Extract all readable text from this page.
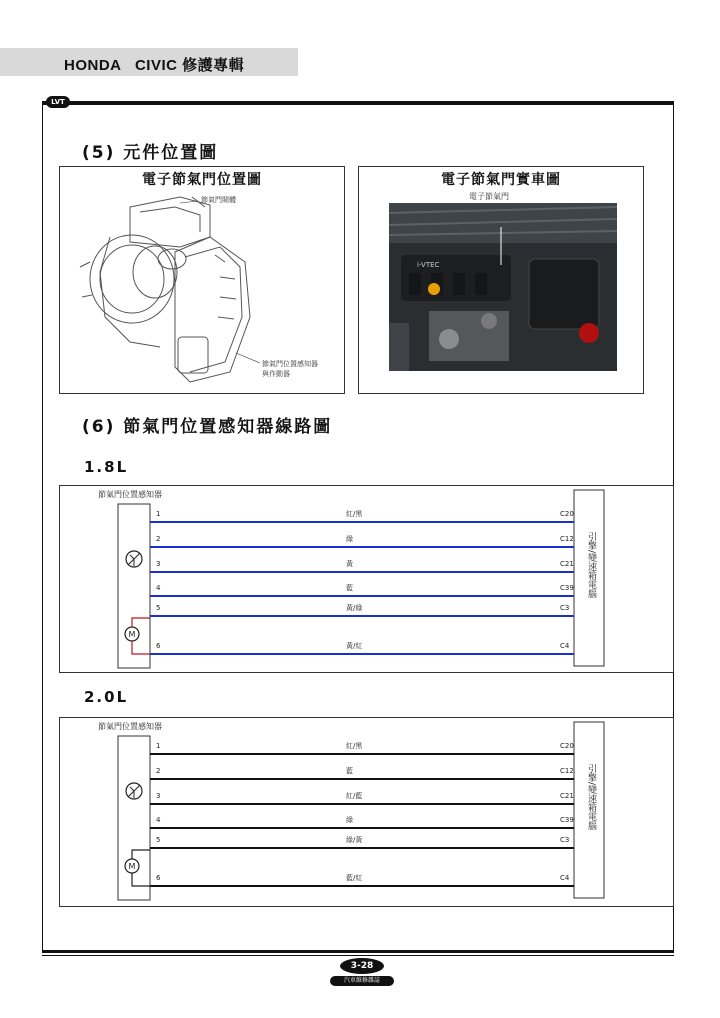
HONDA   CIVIC 修護專輯
LVT
(5) 元件位置圖
電子節氣門位置圖
節氣門閥體
節氣門位置感知器
與作動器
電子節氣門實車圖
電子節氣門
i-VTEC
(6) 節氣門位置感知器線路圖
1.8L
節氣門位置感知器
引擎/變速箱電腦
1	紅/黑	C20
2	綠	C12
3	黃	C21
4	藍	C39
5	黃/綠	C3
6	黃/紅	C4
M
2.0L
節氣門位置感知器
引擎/變速箱電腦
1	紅/黑	C20
2	藍	C12
3	紅/藍	C21
4	綠	C39
5	綠/黃	C3
6	藍/紅	C4
M
3-28
汽車維修雜誌
